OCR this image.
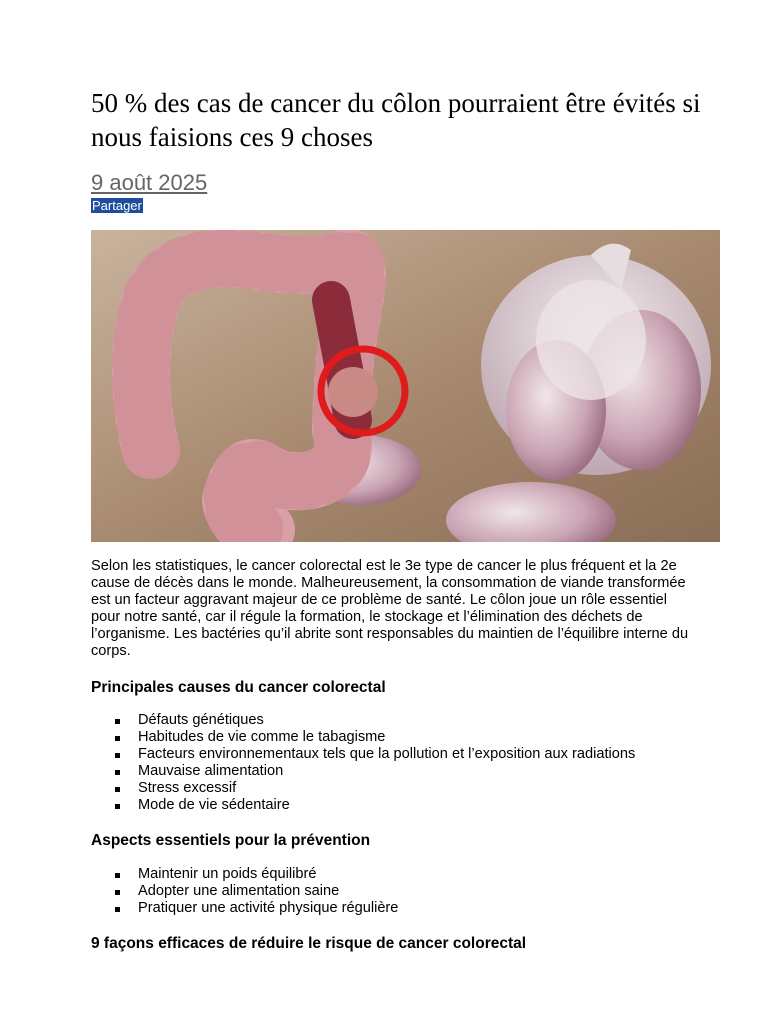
50 % des cas de cancer du côlon pourraient être évités si nous faisions ces 9 choses
9 août 2025
Partager

Selon les statistiques, le cancer colorectal est le 3e type de cancer le plus fréquent et la 2e cause de décès dans le monde. Malheureusement, la consommation de viande transformée est un facteur aggravant majeur de ce problème de santé. Le côlon joue un rôle essentiel pour notre santé, car il régule la formation, le stockage et l’élimination des déchets de l’organisme. Les bactéries qu’il abrite sont responsables du maintien de l’équilibre interne du corps.

Principales causes du cancer colorectal
Défauts génétiques
Habitudes de vie comme le tabagisme
Facteurs environnementaux tels que la pollution et l’exposition aux radiations
Mauvaise alimentation
Stress excessif
Mode de vie sédentaire
Aspects essentiels pour la prévention
Maintenir un poids équilibré
Adopter une alimentation saine
Pratiquer une activité physique régulière
9 façons efficaces de réduire le risque de cancer colorectal
